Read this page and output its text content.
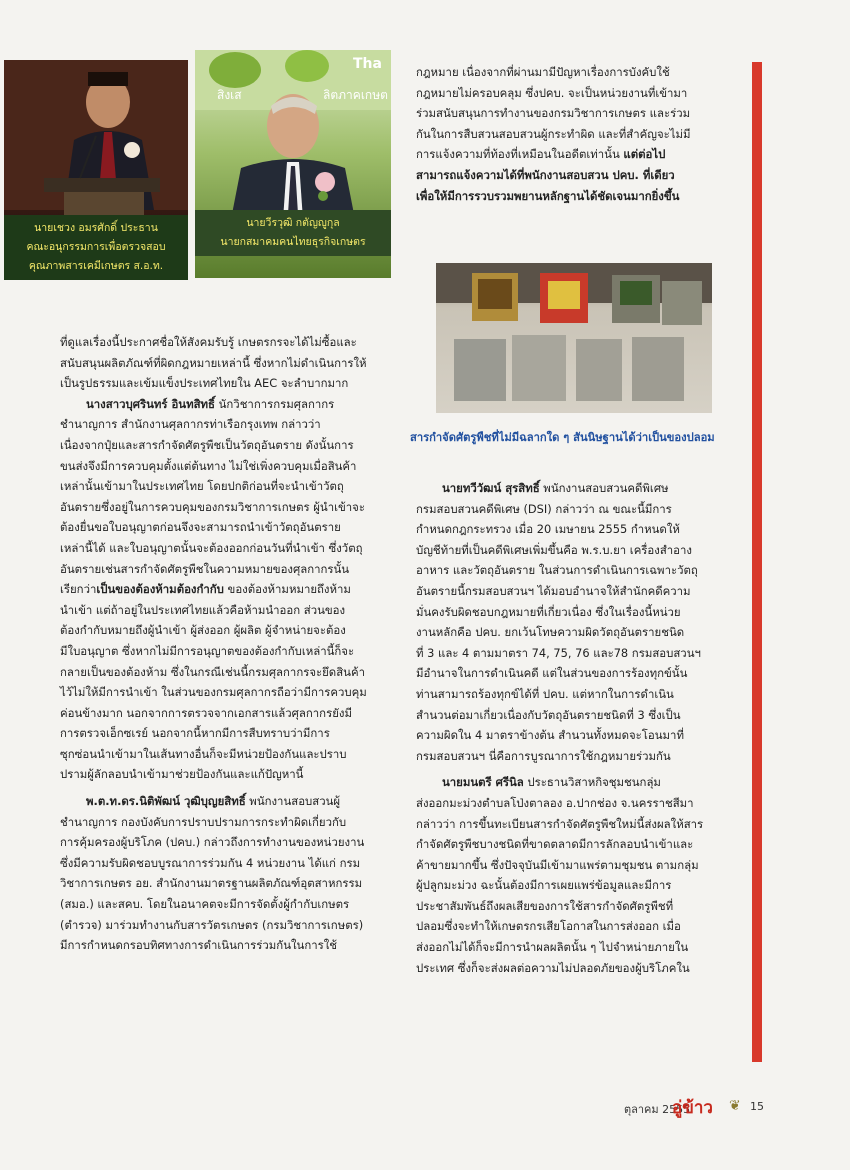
นายเชวง อมรศักดิ์ ประธาน
คณะอนุกรรมการเพื่อตรวจสอบ
คุณภาพสารเคมีเกษตร ส.อ.ท.
Tha
สิงเส	ลิตภาคเกษต
นายวีรวุฒิ กตัญญูกุล
นายกสมาคมคนไทยธุรกิจเกษตร

ที่ดูแลเรื่องนี้ประกาศชื่อให้สังคมรับรู้ เกษตรกรจะได้ไม่ซื้อและ

สนับสนุนผลิตภัณฑ์ที่ผิดกฎหมายเหล่านี้ ซึ่งหากไม่ดำเนินการให้

เป็นรูปธรรมและเข้มแข็งประเทศไทยใน AEC จะลำบากมาก

นางสาวบุศรินทร์ อินทสิทธิ์ นักวิชาการกรมศุลกากร

ชำนาญการ สำนักงานศุลกากรท่าเรือกรุงเทพ กล่าวว่า

เนื่องจากปุ๋ยและสารกำจัดศัตรูพืชเป็นวัตถุอันตราย ดังนั้นการ

ขนส่งจึงมีการควบคุมตั้งแต่ต้นทาง ไม่ใช่เพิ่งควบคุมเมื่อสินค้า

เหล่านั้นเข้ามาในประเทศไทย โดยปกติก่อนที่จะนำเข้าวัตถุ

อันตรายซึ่งอยู่ในการควบคุมของกรมวิชาการเกษตร ผู้นำเข้าจะ

ต้องยื่นขอใบอนุญาตก่อนจึงจะสามารถนำเข้าวัตถุอันตราย

เหล่านี้ได้ และใบอนุญาตนั้นจะต้องออกก่อนวันที่นำเข้า ซึ่งวัตถุ

อันตรายเช่นสารกำจัดศัตรูพืชในความหมายของศุลกากรนั้น

เรียกว่าเป็นของต้องห้ามต้องกำกับ ของต้องห้ามหมายถึงห้าม

นำเข้า แต่ถ้าอยู่ในประเทศไทยแล้วคือห้ามนำออก ส่วนของ

ต้องกำกับหมายถึงผู้นำเข้า ผู้ส่งออก ผู้ผลิต ผู้จำหน่ายจะต้อง

มีใบอนุญาต ซึ่งหากไม่มีการอนุญาตของต้องกำกับเหล่านี้ก็จะ

กลายเป็นของต้องห้าม ซึ่งในกรณีเช่นนี้กรมศุลกากรจะยึดสินค้า

ไว้ไม่ให้มีการนำเข้า ในส่วนของกรมศุลกากรถือว่ามีการควบคุม

ค่อนข้างมาก นอกจากการตรวจจากเอกสารแล้วศุลกากรยังมี

การตรวจเอ็กซเรย์ นอกจากนี้หากมีการสืบทราบว่ามีการ

ซุกซ่อนนำเข้ามาในเส้นทางอื่นก็จะมีหน่วยป้องกันและปราบ

ปรามผู้ลักลอบนำเข้ามาช่วยป้องกันและแก้ปัญหานี้

พ.ต.ท.ดร.นิติพัฒน์ วุฒิบุญยสิทธิ์ พนักงานสอบสวนผู้

ชำนาญการ กองบังคับการปราบปรามการกระทำผิดเกี่ยวกับ

การคุ้มครองผู้บริโภค (ปคบ.) กล่าวถึงการทำงานของหน่วยงาน

ซึ่งมีความรับผิดชอบบูรณาการร่วมกัน 4 หน่วยงาน ได้แก่ กรม

วิชาการเกษตร อย. สำนักงานมาตรฐานผลิตภัณฑ์อุตสาหกรรม

(สมอ.) และสคบ. โดยในอนาคตจะมีการจัดตั้งผู้กำกับเกษตร

(ตำรวจ) มาร่วมทำงานกับสารวัตรเกษตร (กรมวิชาการเกษตร)

มีการกำหนดกรอบทิศทางการดำเนินการร่วมกันในการใช้

กฎหมาย เนื่องจากที่ผ่านมามีปัญหาเรื่องการบังคับใช้

กฎหมายไม่ครอบคลุม ซึ่งปคบ. จะเป็นหน่วยงานที่เข้ามา

ร่วมสนับสนุนการทำงานของกรมวิชาการเกษตร และร่วม

กันในการสืบสวนสอบสวนผู้กระทำผิด และที่สำคัญจะไม่มี

การแจ้งความที่ท้องที่เหมือนในอดีตเท่านั้น แต่ต่อไป

สามารถแจ้งความได้ที่พนักงานสอบสวน ปคบ. ที่เดียว

เพื่อให้มีการรวบรวมพยานหลักฐานได้ชัดเจนมากยิ่งขึ้น

สารกำจัดศัตรูพืชที่ไม่มีฉลากใด ๆ สันนิษฐานได้ว่าเป็นของปลอม

นายทวีวัฒน์ สุรสิทธิ์ พนักงานสอบสวนคดีพิเศษ

กรมสอบสวนคดีพิเศษ (DSI) กล่าวว่า ณ ขณะนี้มีการ

กำหนดกฎกระทรวง เมื่อ 20 เมษายน 2555 กำหนดให้

บัญชีท้ายที่เป็นคดีพิเศษเพิ่มขึ้นคือ พ.ร.บ.ยา เครื่องสำอาง

อาหาร และวัตถุอันตราย ในส่วนการดำเนินการเฉพาะวัตถุ

อันตรายนี้กรมสอบสวนฯ ได้มอบอำนาจให้สำนักคดีความ

มั่นคงรับผิดชอบกฎหมายที่เกี่ยวเนื่อง ซึ่งในเรื่องนี้หน่วย

งานหลักคือ ปคบ. ยกเว้นโทษความผิดวัตถุอันตรายชนิด

ที่ 3 และ 4 ตามมาตรา 74, 75, 76 และ78 กรมสอบสวนฯ

มีอำนาจในการดำเนินคดี แต่ในส่วนของการร้องทุกข์นั้น

ท่านสามารถร้องทุกข์ได้ที่ ปคบ. แต่หากในการดำเนิน

สำนวนต่อมาเกี่ยวเนื่องกับวัตถุอันตรายชนิดที่ 3 ซึ่งเป็น

ความผิดใน 4 มาตราข้างต้น สำนวนทั้งหมดจะโอนมาที่

กรมสอบสวนฯ นี่คือการบูรณาการใช้กฎหมายร่วมกัน

นายมนตรี ศรีนิล ประธานวิสาหกิจชุมชนกลุ่ม

ส่งออกมะม่วงตำบลโป่งตาลอง อ.ปากช่อง จ.นครราชสีมา

กล่าวว่า การขึ้นทะเบียนสารกำจัดศัตรูพืชใหม่นี้ส่งผลให้สาร

กำจัดศัตรูพืชบางชนิดที่ขาดตลาดมีการลักลอบนำเข้าและ

ค้าขายมากขึ้น ซึ่งปัจจุบันมีเข้ามาแพร่ตามชุมชน ตามกลุ่ม

ผู้ปลูกมะม่วง ฉะนั้นต้องมีการเผยแพร่ข้อมูลและมีการ

ประชาสัมพันธ์ถึงผลเสียของการใช้สารกำจัดศัตรูพืชที่

ปลอมซึ่งจะทำให้เกษตรกรเสียโอกาสในการส่งออก เมื่อ

ส่งออกไม่ได้ก็จะมีการนำผลผลิตนั้น ๆ ไปจำหน่ายภายใน

ประเทศ ซึ่งก็จะส่งผลต่อความไม่ปลอดภัยของผู้บริโภคใน

ตุลาคม 2555
อู่ข้าว ❦ 15
